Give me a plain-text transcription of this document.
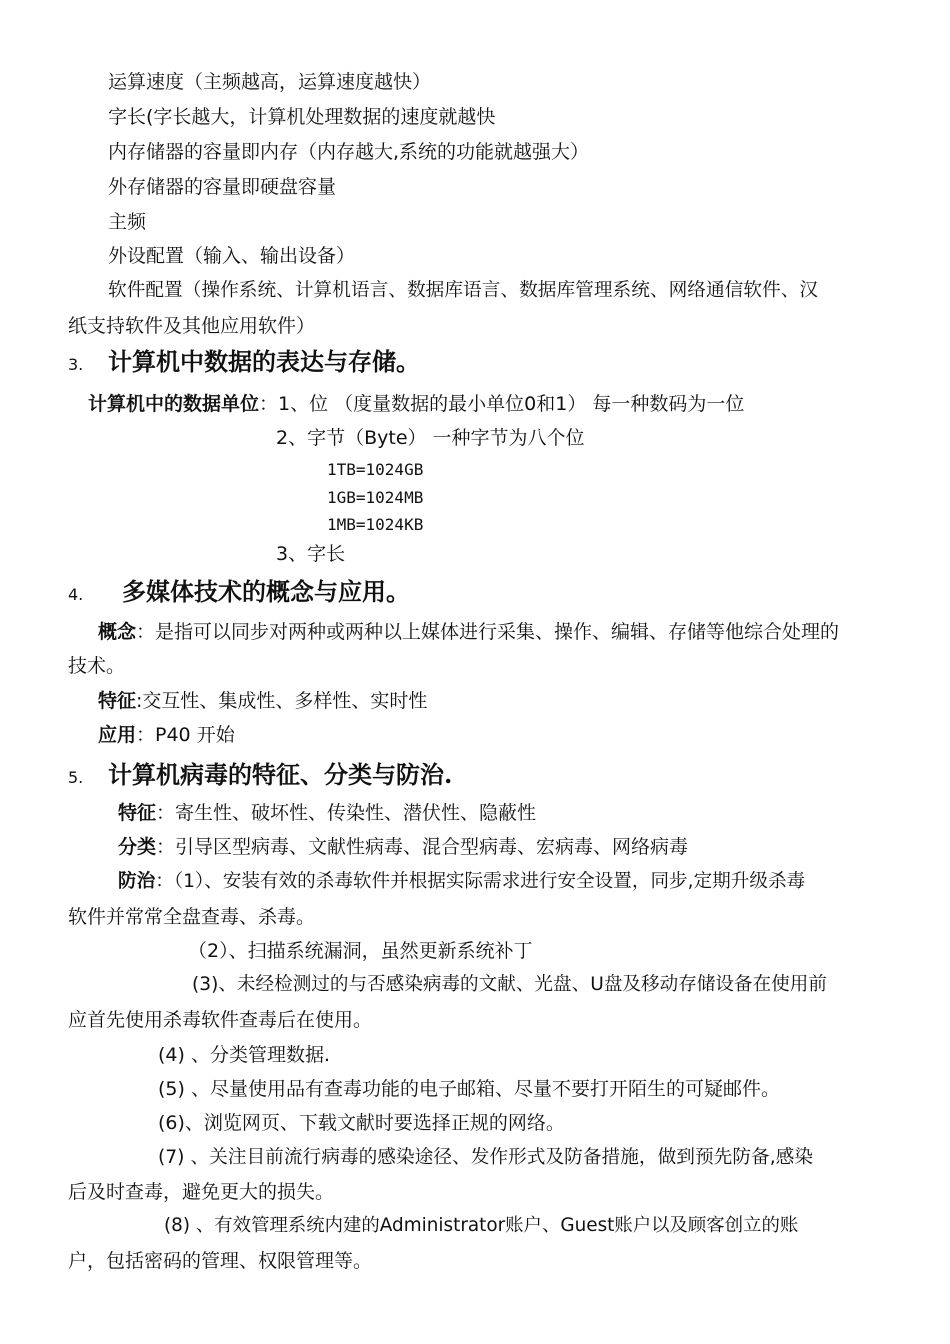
运算速度（主频越高，运算速度越快）
字长(字长越大，计算机处理数据的速度就越快
内存储器的容量即内存（内存越大,系统的功能就越强大）
外存储器的容量即硬盘容量
主频
外设配置（输入、输出设备）
软件配置（操作系统、计算机语言、数据库语言、数据库管理系统、网络通信软件、汉
纸支持软件及其他应用软件）
3. 计算机中数据的表达与存储。
计算机中的数据单位：1、位 （度量数据的最小单位0和1） 每一种数码为一位
2、字节（Byte） 一种字节为八个位
1TB=1024GB
1GB=1024MB
1MB=1024KB
3、字长
4. 多媒体技术的概念与应用。
概念：是指可以同步对两种或两种以上媒体进行采集、操作、编辑、存储等他综合处理的
技术。
特征:交互性、集成性、多样性、实时性
应用：P40 开始
5. 计算机病毒的特征、分类与防治.
特征：寄生性、破坏性、传染性、潜伏性、隐蔽性
分类：引导区型病毒、文献性病毒、混合型病毒、宏病毒、网络病毒
防治：（1）、安装有效的杀毒软件并根据实际需求进行安全设置，同步,定期升级杀毒
软件并常常全盘查毒、杀毒。
（2）、扫描系统漏洞，虽然更新系统补丁
(3)、未经检测过的与否感染病毒的文献、光盘、U盘及移动存储设备在使用前
应首先使用杀毒软件查毒后在使用。
(4) 、分类管理数据.
(5) 、尽量使用品有查毒功能的电子邮箱、尽量不要打开陌生的可疑邮件。
(6)、浏览网页、下载文献时要选择正规的网络。
(7) 、关注目前流行病毒的感染途径、发作形式及防备措施，做到预先防备,感染
后及时查毒，避免更大的损失。
(8) 、有效管理系统内建的Administrator账户、Guest账户以及顾客创立的账
户，包括密码的管理、权限管理等。
